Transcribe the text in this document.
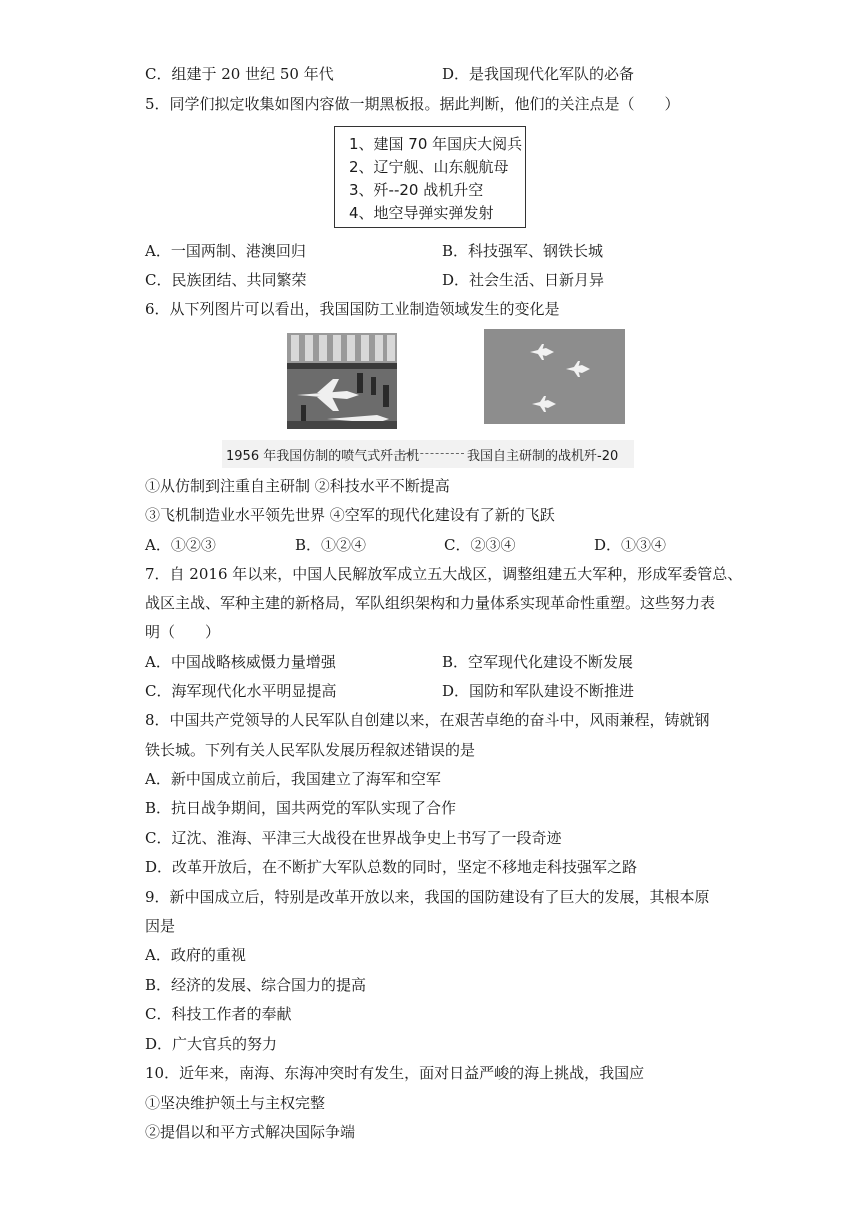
C．组建于 20 世纪 50 年代	D．是我国现代化军队的必备
5．同学们拟定收集如图内容做一期黑板报。据此判断，他们的关注点是（　　）
1、建国 70 年国庆大阅兵
2、辽宁舰、山东舰航母
3、歼--20 战机升空
4、地空导弹实弹发射
A．一国两制、港澳回归	B．科技强军、钢铁长城
C．民族团结、共同繁荣	D．社会生活、日新月异
6．从下列图片可以看出，我国国防工业制造领域发生的变化是
1956 年我国仿制的喷气式歼击机	我国自主研制的战机歼-20
①从仿制到注重自主研制 ②科技水平不断提高
③飞机制造业水平领先世界 ④空军的现代化建设有了新的飞跃
A．①②③	B．①②④	C．②③④	D．①③④
7．自 2016 年以来，中国人民解放军成立五大战区，调整组建五大军种，形成军委管总、
战区主战、军种主建的新格局，军队组织架构和力量体系实现革命性重塑。这些努力表
明（　　）
A．中国战略核威慑力量增强	B．空军现代化建设不断发展
C．海军现代化水平明显提高	D．国防和军队建设不断推进
8．中国共产党领导的人民军队自创建以来，在艰苦卓绝的奋斗中，风雨兼程，铸就钢
铁长城。下列有关人民军队发展历程叙述错误的是
A．新中国成立前后，我国建立了海军和空军
B．抗日战争期间，国共两党的军队实现了合作
C．辽沈、淮海、平津三大战役在世界战争史上书写了一段奇迹
D．改革开放后，在不断扩大军队总数的同时，坚定不移地走科技强军之路
9．新中国成立后，特别是改革开放以来，我国的国防建设有了巨大的发展，其根本原
因是
A．政府的重视
B．经济的发展、综合国力的提高
C．科技工作者的奉献
D．广大官兵的努力
10．近年来，南海、东海冲突时有发生，面对日益严峻的海上挑战，我国应
①坚决维护领土与主权完整
②提倡以和平方式解决国际争端
